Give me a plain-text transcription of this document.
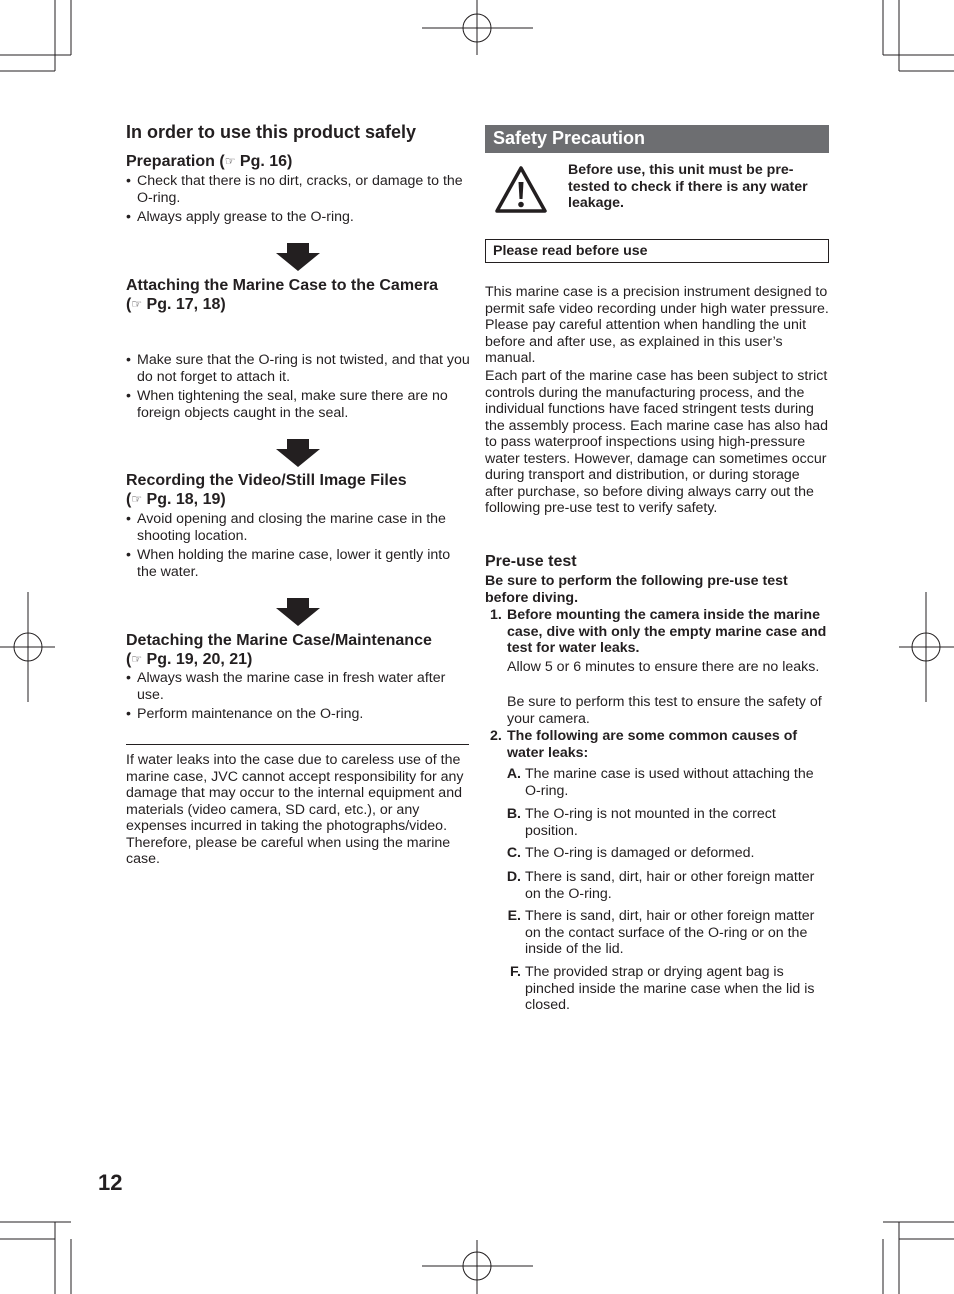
In order to use this product safely
Preparation (☞ Pg. 16)
• Check that there is no dirt, cracks, or damage to the O-ring.
• Always apply grease to the O-ring.
Attaching the Marine Case to the Camera
(☞ Pg. 17, 18)
• Make sure that the O-ring is not twisted, and that you do not forget to attach it.
• When tightening the seal, make sure there are no foreign objects caught in the seal.
Recording the Video/Still Image Files
(☞ Pg. 18, 19)
• Avoid opening and closing the marine case in the shooting location.
• When holding the marine case, lower it gently into the water.
Detaching the Marine Case/Maintenance
(☞ Pg. 19, 20, 21)
• Always wash the marine case in fresh water after use.
• Perform maintenance on the O-ring.

If water leaks into the case due to careless use of the marine case, JVC cannot accept responsibility for any damage that may occur to the internal equipment and materials (video camera, SD card, etc.), or any expenses incurred in taking the photographs/video. Therefore, please be careful when using the marine case.

Safety Precaution
Before use, this unit must be pre-tested to check if there is any water leakage.
Please read before use

This marine case is a precision instrument designed to permit safe video recording under high water pressure. Please pay careful attention when handling the unit before and after use, as explained in this user’s manual.

Each part of the marine case has been subject to strict controls during the manufacturing process, and the individual functions have faced stringent tests during the assembly process. Each marine case has also had to pass waterproof inspections using high-pressure water testers. However, damage can sometimes occur during transport and distribution, or during storage after purchase, so before diving always carry out the following pre-use test to verify safety.

Pre-use test
Be sure to perform the following pre-use test before diving.
1. Before mounting the camera inside the marine case, dive with only the empty marine case and test for water leaks.
Allow 5 or 6 minutes to ensure there are no leaks.
Be sure to perform this test to ensure the safety of your camera.
2. The following are some common causes of water leaks:
A. The marine case is used without attaching the O-ring.
B. The O-ring is not mounted in the correct position.
C. The O-ring is damaged or deformed.
D. There is sand, dirt, hair or other foreign matter on the O-ring.
E. There is sand, dirt, hair or other foreign matter on the contact surface of the O-ring or on the inside of the lid.
F. The provided strap or drying agent bag is pinched inside the marine case when the lid is closed.
12
